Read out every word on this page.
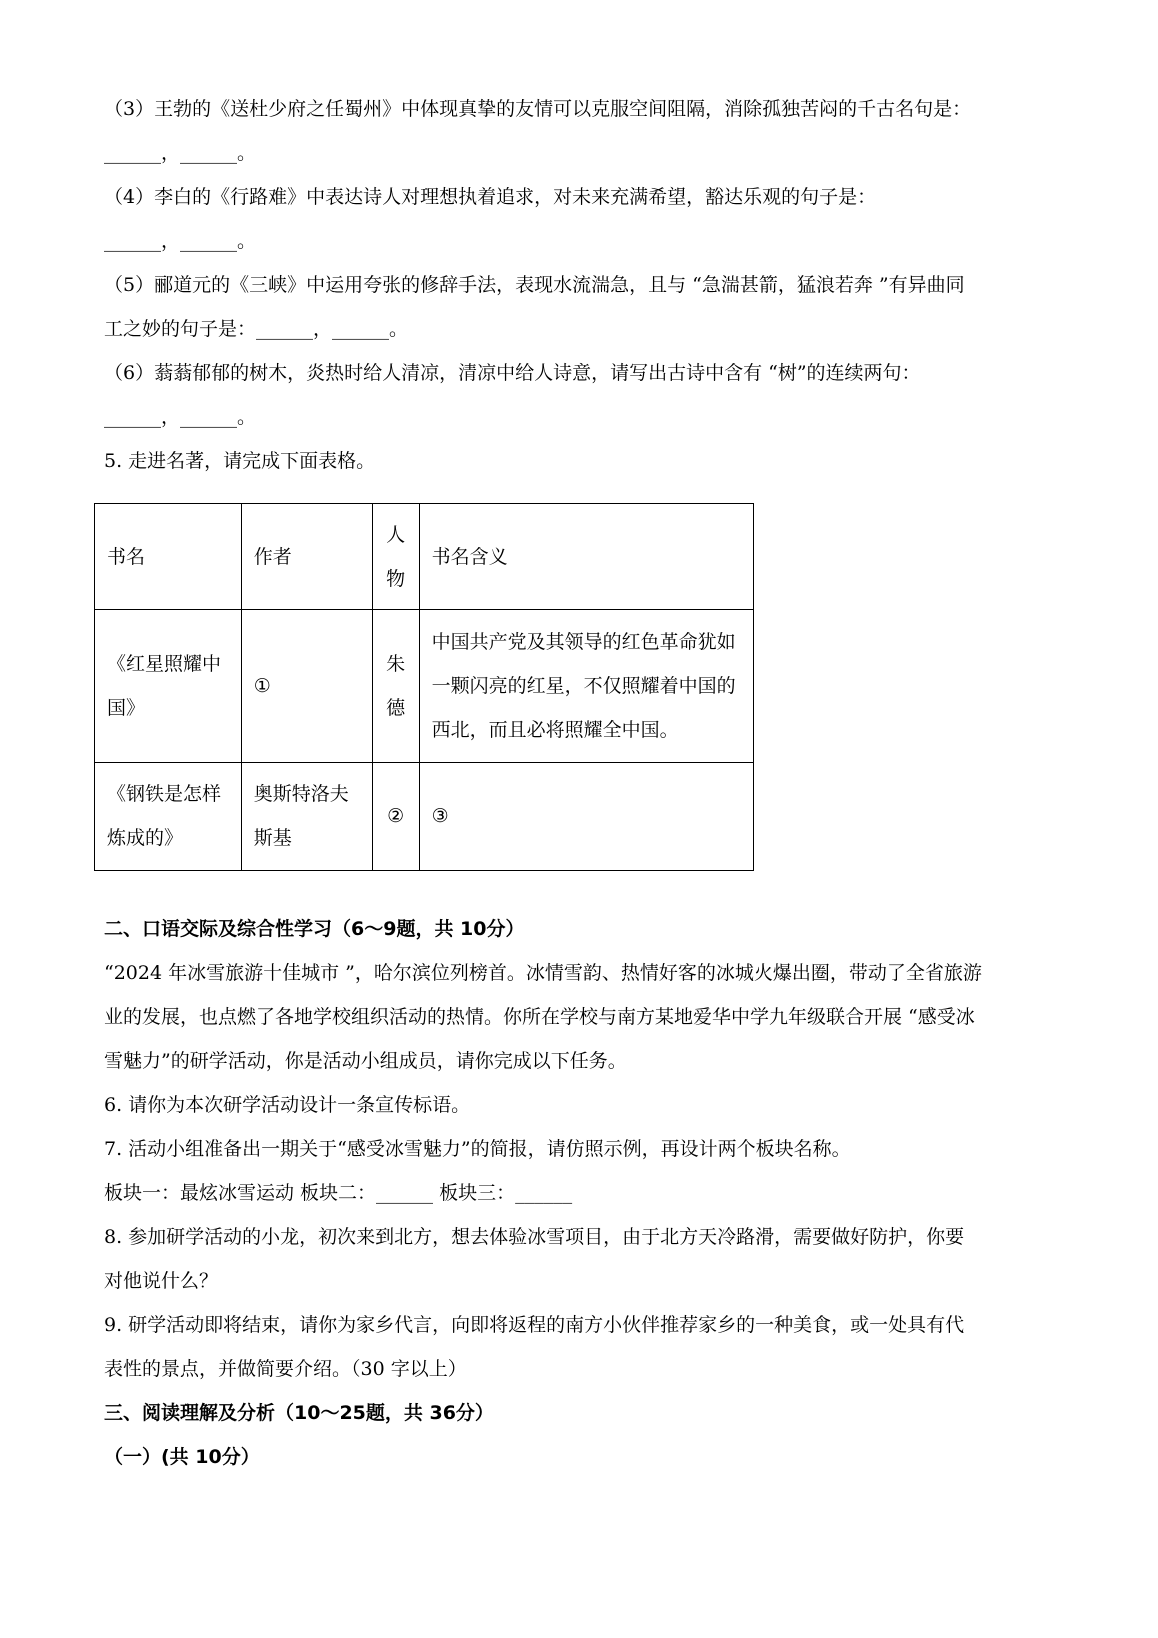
（3）王勃的《送杜少府之任蜀州》中体现真挚的友情可以克服空间阻隔，消除孤独苦闷的千古名句是：
______，______。
（4）李白的《行路难》中表达诗人对理想执着追求，对未来充满希望，豁达乐观的句子是：
______，______。
（5）郦道元的《三峡》中运用夸张的修辞手法，表现水流湍急，且与 “急湍甚箭，猛浪若奔 ”有异曲同
工之妙的句子是：______，______。
（6）蓊蓊郁郁的树木，炎热时给人清凉，清凉中给人诗意，请写出古诗中含有 “树”的连续两句：
______，______。
5. 走进名著，请完成下面表格。
书名	作者	人物	书名含义
《红星照耀中国》	①	朱德	中国共产党及其领导的红色革命犹如一颗闪亮的红星，不仅照耀着中国的西北，而且必将照耀全中国。
《钢铁是怎样炼成的》	奥斯特洛夫斯基	②	③
二、口语交际及综合性学习（6～9题，共 10分）
“2024 年冰雪旅游十佳城市 ”，哈尔滨位列榜首。冰情雪韵、热情好客的冰城火爆出圈，带动了全省旅游
业的发展，也点燃了各地学校组织活动的热情。你所在学校与南方某地爱华中学九年级联合开展 “感受冰
雪魅力”的研学活动，你是活动小组成员，请你完成以下任务。
6. 请你为本次研学活动设计一条宣传标语。
7. 活动小组准备出一期关于“感受冰雪魅力”的简报，请仿照示例，再设计两个板块名称。
板块一：最炫冰雪运动 板块二：______ 板块三：______
8. 参加研学活动的小龙，初次来到北方，想去体验冰雪项目，由于北方天冷路滑，需要做好防护，你要
对他说什么？
9. 研学活动即将结束，请你为家乡代言，向即将返程的南方小伙伴推荐家乡的一种美食，或一处具有代
表性的景点，并做简要介绍。（30 字以上）
三、阅读理解及分析（10～25题，共 36分）
（一）(共 10分）
